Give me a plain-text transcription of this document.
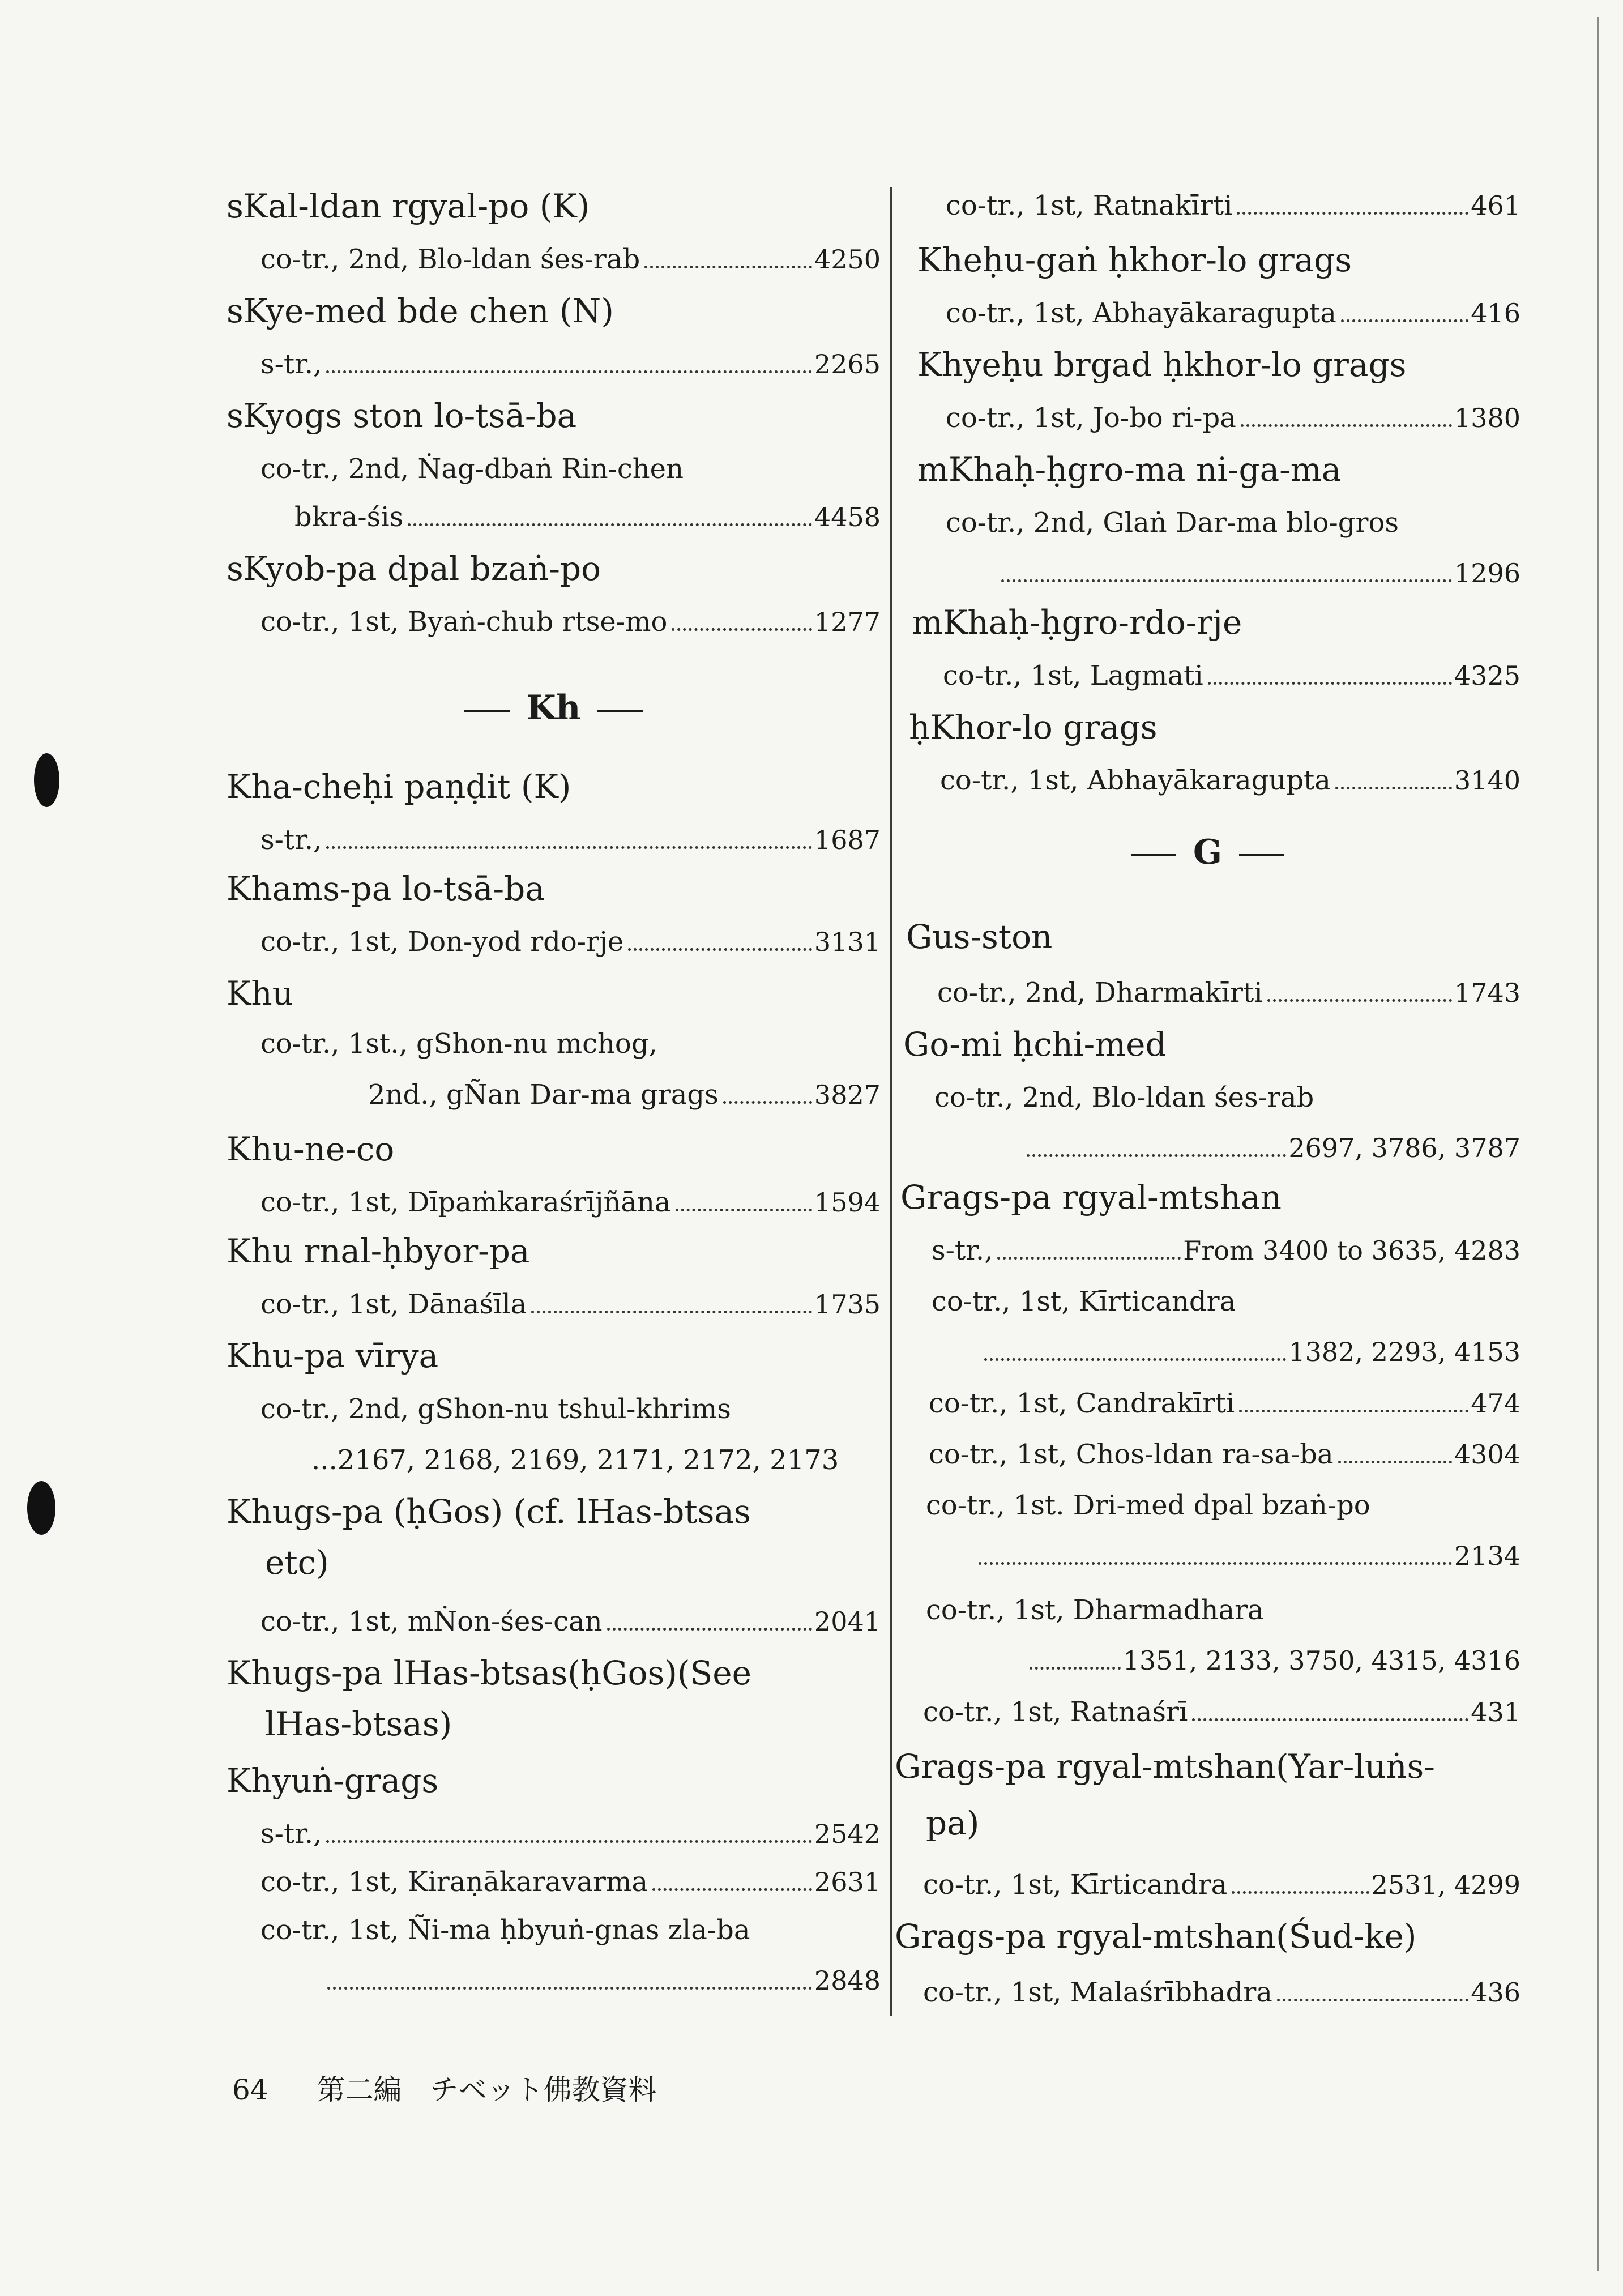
sKal-ldan rgyal-po (K)
co-tr., 2nd, Blo-ldan śes-rab	4250
sKye-med bde chen (N)
s-tr.,	2265
sKyogs ston lo-tsā-ba
co-tr., 2nd, Ṅag-dbaṅ Rin-chen
bkra-śis	4458
sKyob-pa dpal bzaṅ-po
co-tr., 1st, Byaṅ-chub rtse-mo	1277
Kh
Kha-cheḥi paṇḍit (K)
s-tr.,	1687
Khams-pa lo-tsā-ba
co-tr., 1st, Don-yod rdo-rje	3131
Khu
co-tr., 1st., gShon-nu mchog,
2nd., gÑan Dar-ma grags	3827
Khu-ne-co
co-tr., 1st, Dīpaṁkaraśrījñāna	1594
Khu rnal-ḥbyor-pa
co-tr., 1st, Dānaśīla	1735
Khu-pa vīrya
co-tr., 2nd, gShon-nu tshul-khrims
...2167, 2168, 2169, 2171, 2172, 2173
Khugs-pa (ḥGos) (cf. lHas-btsas
etc)
co-tr., 1st, mṄon-śes-can	2041
Khugs-pa lHas-btsas(ḥGos)(See
lHas-btsas)
Khyuṅ-grags
s-tr.,	2542
co-tr., 1st, Kiraṇākaravarma	2631
co-tr., 1st, Ñi-ma ḥbyuṅ-gnas zla-ba
2848
co-tr., 1st, Ratnakīrti	461
Kheḥu-gaṅ ḥkhor-lo grags
co-tr., 1st, Abhayākaragupta	416
Khyeḥu brgad ḥkhor-lo grags
co-tr., 1st, Jo-bo ri-pa	1380
mKhaḥ-ḥgro-ma ni-ga-ma
co-tr., 2nd, Glaṅ Dar-ma blo-gros
1296
mKhaḥ-ḥgro-rdo-rje
co-tr., 1st, Lagmati	4325
ḥKhor-lo grags
co-tr., 1st, Abhayākaragupta	3140
G
Gus-ston
co-tr., 2nd, Dharmakīrti	1743
Go-mi ḥchi-med
co-tr., 2nd, Blo-ldan śes-rab
2697, 3786, 3787
Grags-pa rgyal-mtshan
s-tr.,	From 3400 to 3635, 4283
co-tr., 1st, Kīrticandra
1382, 2293, 4153
co-tr., 1st, Candrakīrti	474
co-tr., 1st, Chos-ldan ra-sa-ba	4304
co-tr., 1st. Dri-med dpal bzaṅ-po
2134
co-tr., 1st, Dharmadhara
1351, 2133, 3750, 4315, 4316
co-tr., 1st, Ratnaśrī	431
Grags-pa rgyal-mtshan(Yar-luṅs-
pa)
co-tr., 1st, Kīrticandra	2531, 4299
Grags-pa rgyal-mtshan(Śud-ke)
co-tr., 1st, Malaśrībhadra	436
64 第二編　チベット佛教資料
